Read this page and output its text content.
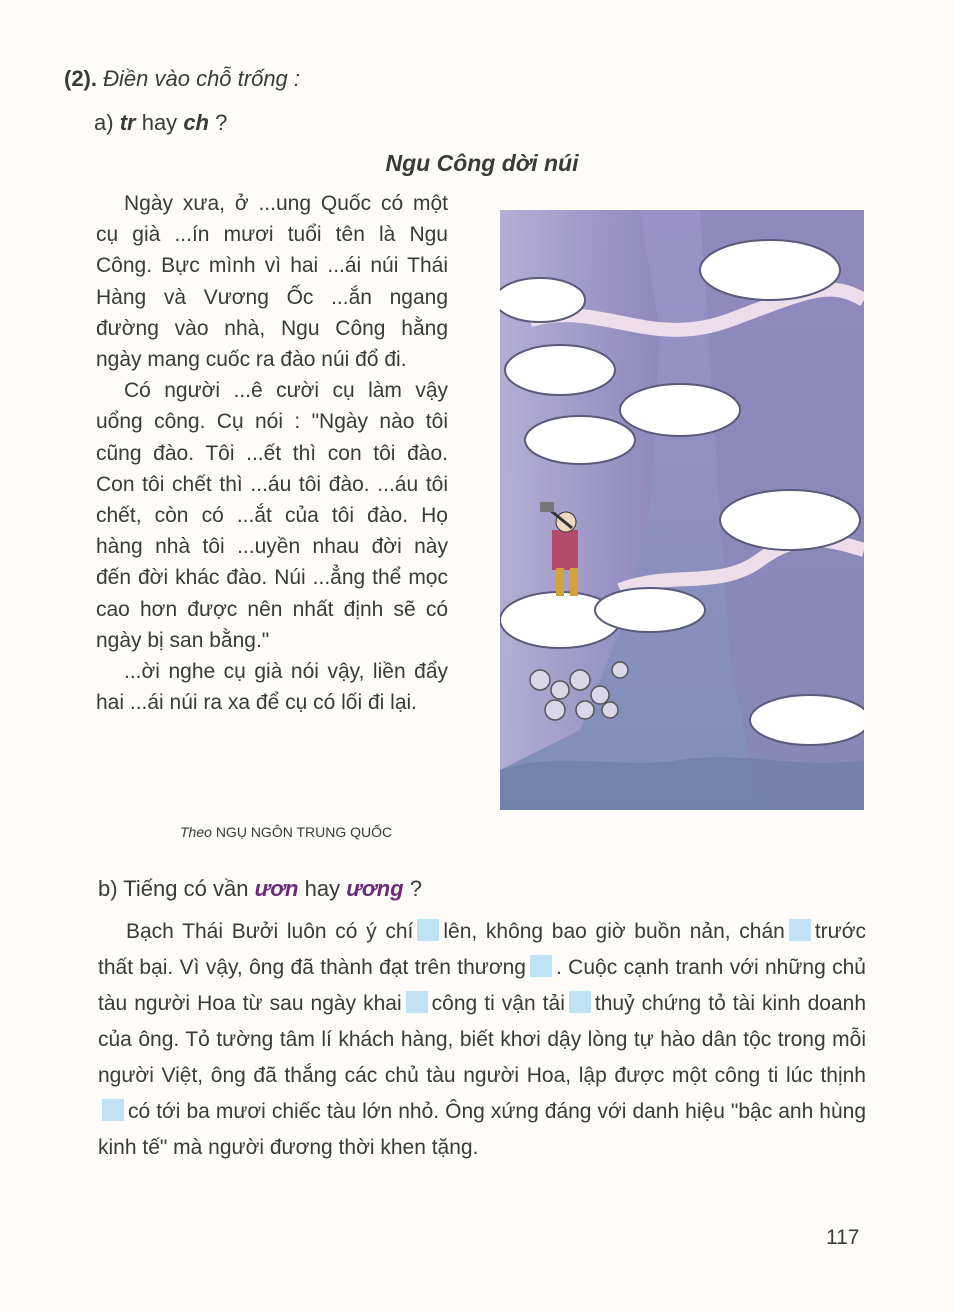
(2). Điền vào chỗ trống :
a) tr hay ch ?
Ngu Công dời núi

Ngày xưa, ở ...ung Quốc có một cụ già ...ín mươi tuổi tên là Ngu Công. Bực mình vì hai ...ái núi Thái Hàng và Vương Ốc ...ắn ngang đường vào nhà, Ngu Công hằng ngày mang cuốc ra đào núi đổ đi.

Có người ...ê cười cụ làm vậy uổng công. Cụ nói : "Ngày nào tôi cũng đào. Tôi ...ết thì con tôi đào. Con tôi chết thì ...áu tôi đào. ...áu tôi chết, còn có ...ắt của tôi đào. Họ hàng nhà tôi ...uyền nhau đời này đến đời khác đào. Núi ...ẳng thể mọc cao hơn được nên nhất định sẽ có ngày bị san bằng."

...ời nghe cụ già nói vậy, liền đẩy hai ...ái núi ra xa để cụ có lối đi lại.

Theo NGỤ NGÔN TRUNG QUỐC
b) Tiếng có vần ươn hay ương ?

Bạch Thái Bưởi luôn có ý chí lên, không bao giờ buồn nản, chán trước thất bại. Vì vậy, ông đã thành đạt trên thương . Cuộc cạnh tranh với những chủ tàu người Hoa từ sau ngày khai công ti vận tải thuỷ chứng tỏ tài kinh doanh của ông. Tỏ tường tâm lí khách hàng, biết khơi dậy lòng tự hào dân tộc trong mỗi người Việt, ông đã thắng các chủ tàu người Hoa, lập được một công ti lúc thịnhcó tới ba mươi chiếc tàu lớn nhỏ. Ông xứng đáng với danh hiệu "bậc anh hùng kinh tế" mà người đương thời khen tặng.

117
